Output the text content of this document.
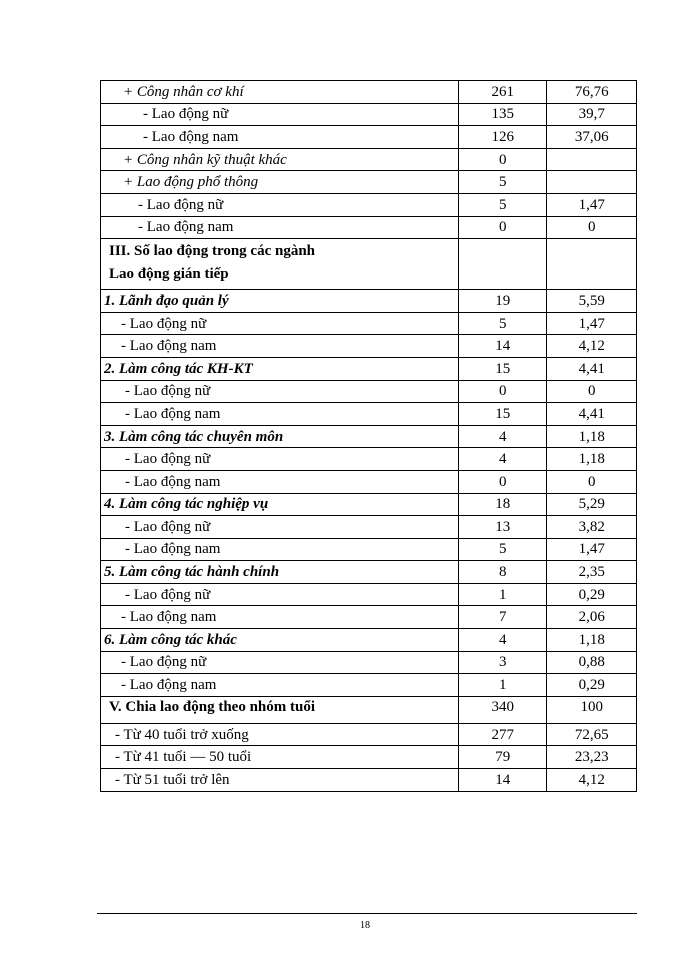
+ Công nhân cơ khí	261	76,76
- Lao động nữ	135	39,7
- Lao động nam	126	37,06
+ Công nhân kỹ thuật khác	0	
+ Lao động phổ thông	5	
- Lao động nữ	5	1,47
- Lao động nam	0	0

III. Số lao động trong các ngành
Lao động gián tiếp		

1. Lãnh đạo quản lý	19	5,59
- Lao động nữ	5	1,47
- Lao động nam	14	4,12
2. Làm công tác KH-KT	15	4,41
- Lao động nữ	0	0
- Lao động nam	15	4,41
3. Làm công tác chuyên môn	4	1,18
- Lao động nữ	4	1,18
- Lao động nam	0	0
4. Làm công tác nghiệp vụ	18	5,29
- Lao động nữ	13	3,82
- Lao động nam	5	1,47
5. Làm công tác hành chính	8	2,35
- Lao động nữ	1	0,29
- Lao động nam	7	2,06
6. Làm công tác khác	4	1,18
- Lao động nữ	3	0,88
- Lao động nam	1	0,29
V. Chia lao động theo nhóm tuổi	340	100
- Từ 40 tuổi trở xuống	277	72,65
- Từ 41 tuổi — 50 tuổi	79	23,23
- Từ 51 tuổi trở lên	14	4,12
18
